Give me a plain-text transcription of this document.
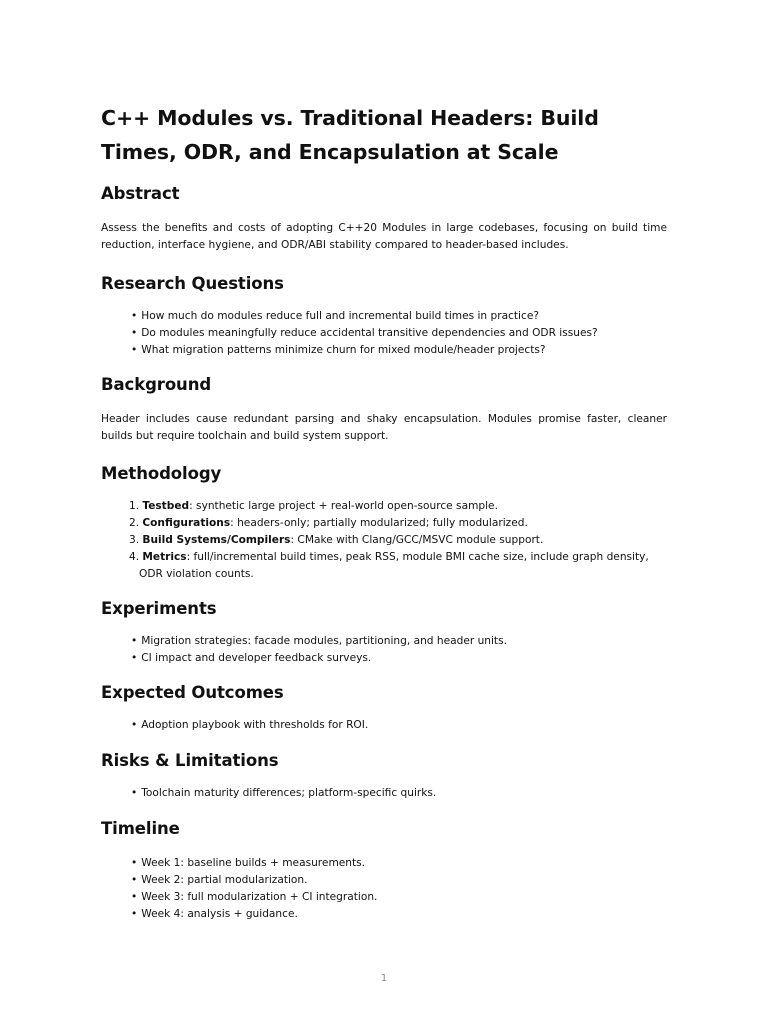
C++ Modules vs. Traditional Headers: Build Times, ODR, and Encapsulation at Scale
Abstract

Assess the benefits and costs of adopting C++20 Modules in large codebases, focusing on build time reduction, interface hygiene, and ODR/ABI stability compared to header-based includes.

Research Questions
• How much do modules reduce full and incremental build times in practice?
• Do modules meaningfully reduce accidental transitive dependencies and ODR issues?
• What migration patterns minimize churn for mixed module/header projects?
Background

Header includes cause redundant parsing and shaky encapsulation. Modules promise faster, cleaner builds but require toolchain and build system support.

Methodology
1. Testbed: synthetic large project + real-world open-source sample.
2. Configurations: headers-only; partially modularized; fully modularized.
3. Build Systems/Compilers: CMake with Clang/GCC/MSVC module support.
4. Metrics: full/incremental build times, peak RSS, module BMI cache size, include graph density, ODR violation counts.
Experiments
• Migration strategies: facade modules, partitioning, and header units.
• CI impact and developer feedback surveys.
Expected Outcomes
• Adoption playbook with thresholds for ROI.
Risks & Limitations
• Toolchain maturity differences; platform-specific quirks.
Timeline
• Week 1: baseline builds + measurements.
• Week 2: partial modularization.
• Week 3: full modularization + CI integration.
• Week 4: analysis + guidance.
1
